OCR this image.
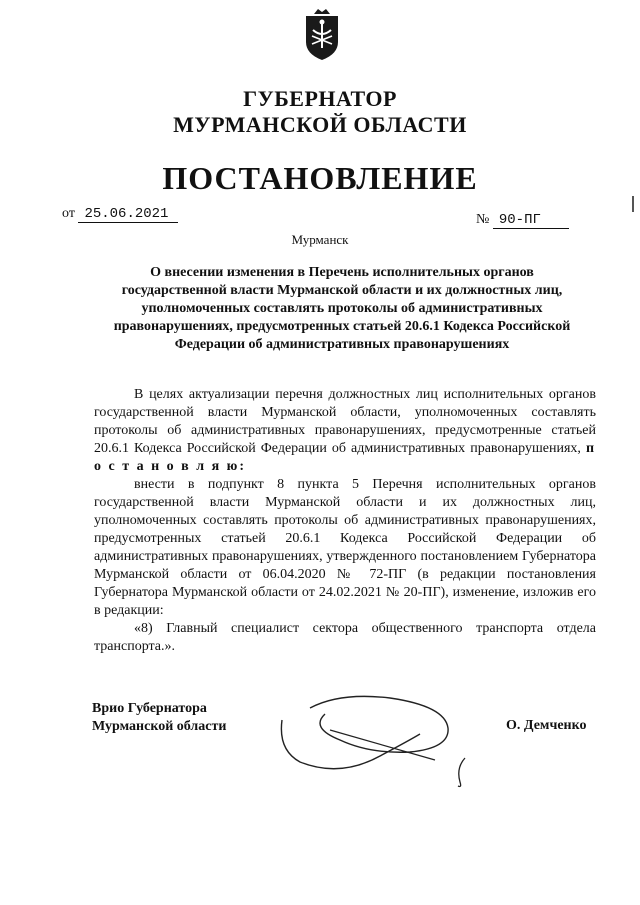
ГУБЕРНАТОР
МУРМАНСКОЙ ОБЛАСТИ
ПОСТАНОВЛЕНИЕ
от 25.06.2021	№ 90-ПГ
Мурманск
О внесении изменения в Перечень исполнительных органов
государственной власти Мурманской области и их должностных лиц,
уполномоченных составлять протоколы об административных
правонарушениях, предусмотренных статьей 20.6.1 Кодекса Российской
Федерации об административных правонарушениях

В целях актуализации перечня должностных лиц исполнительных органов государственной власти Мурманской области, уполномоченных составлять протоколы об административных правонарушениях, предусмотренные статьей 20.6.1 Кодекса Российской Федерации об административных правонарушениях, п о с т а н о в л я ю:

внести в подпункт 8 пункта 5 Перечня исполнительных органов государственной власти Мурманской области и их должностных лиц, уполномоченных составлять протоколы об административных правонарушениях, предусмотренных статьей 20.6.1 Кодекса Российской Федерации об административных правонарушениях, утвержденного постановлением Губернатора Мурманской области от 06.04.2020 № 72-ПГ (в редакции постановления Губернатора Мурманской области от 24.02.2021 № 20-ПГ), изменение, изложив его в редакции:

«8) Главный специалист сектора общественного транспорта отдела транспорта.».

Врио Губернатора
Мурманской области	О. Демченко
